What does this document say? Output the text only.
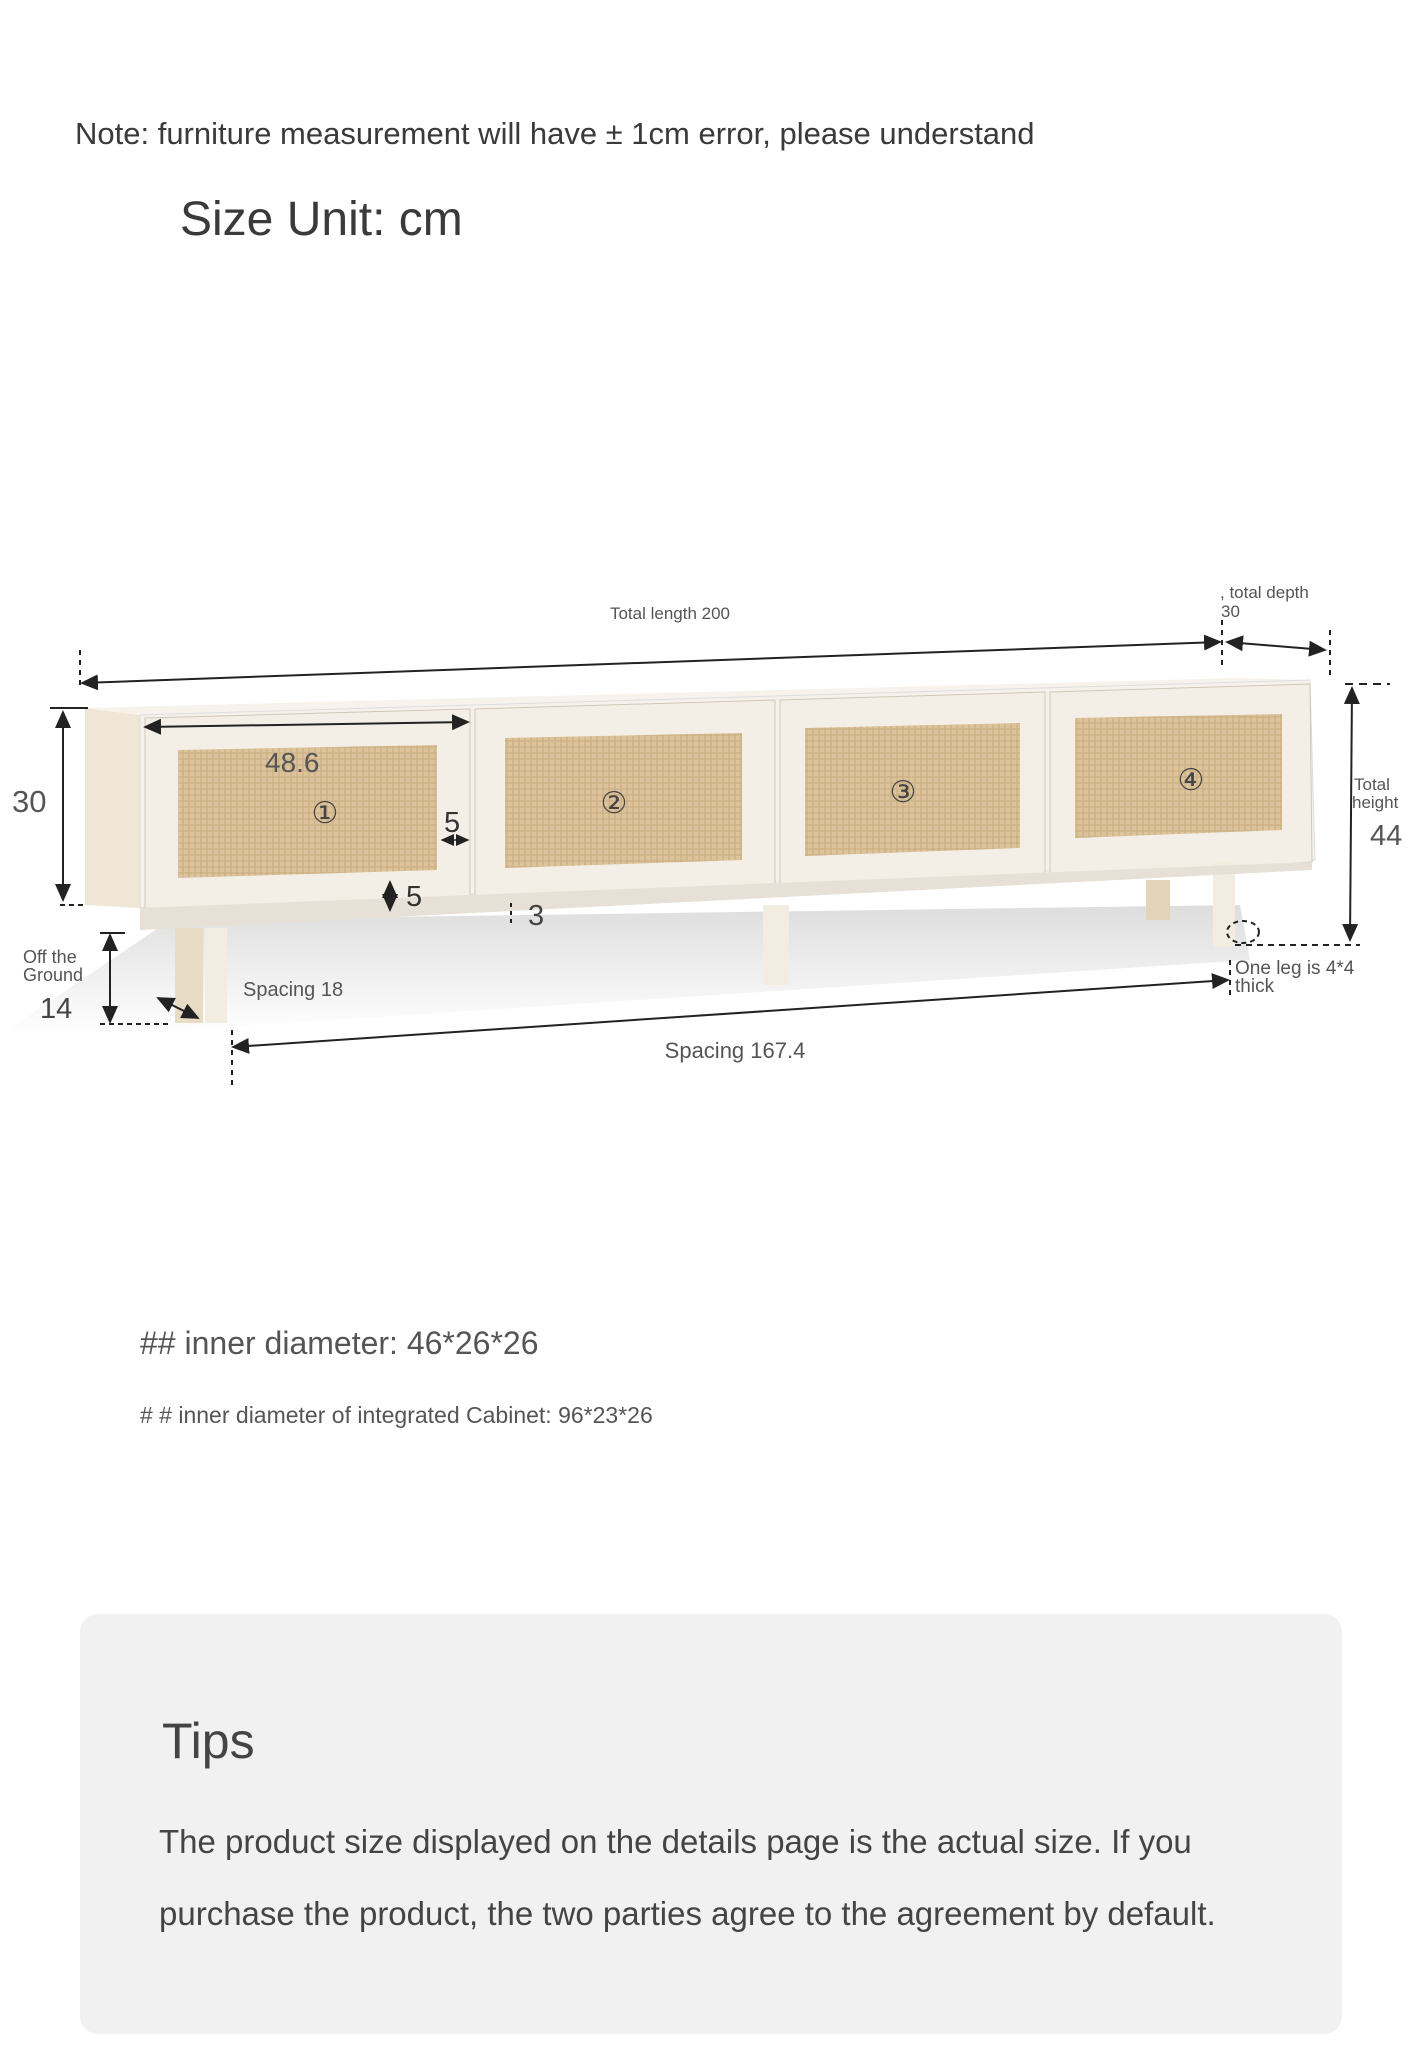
Note: furniture measurement will have ± 1cm error, please understand
Size Unit: cm
Total length 200
, total depth
30
Total
height
44
30
48.6
5
5
3
①	②	③	④
Off the
Ground
14
Spacing 18
Spacing 167.4
One leg is 4*4
thick
## inner diameter: 46*26*26
# # inner diameter of integrated Cabinet: 96*23*26
Tips
The product size displayed on the details page is the actual size. If you purchase the product, the two parties agree to the agreement by default.
